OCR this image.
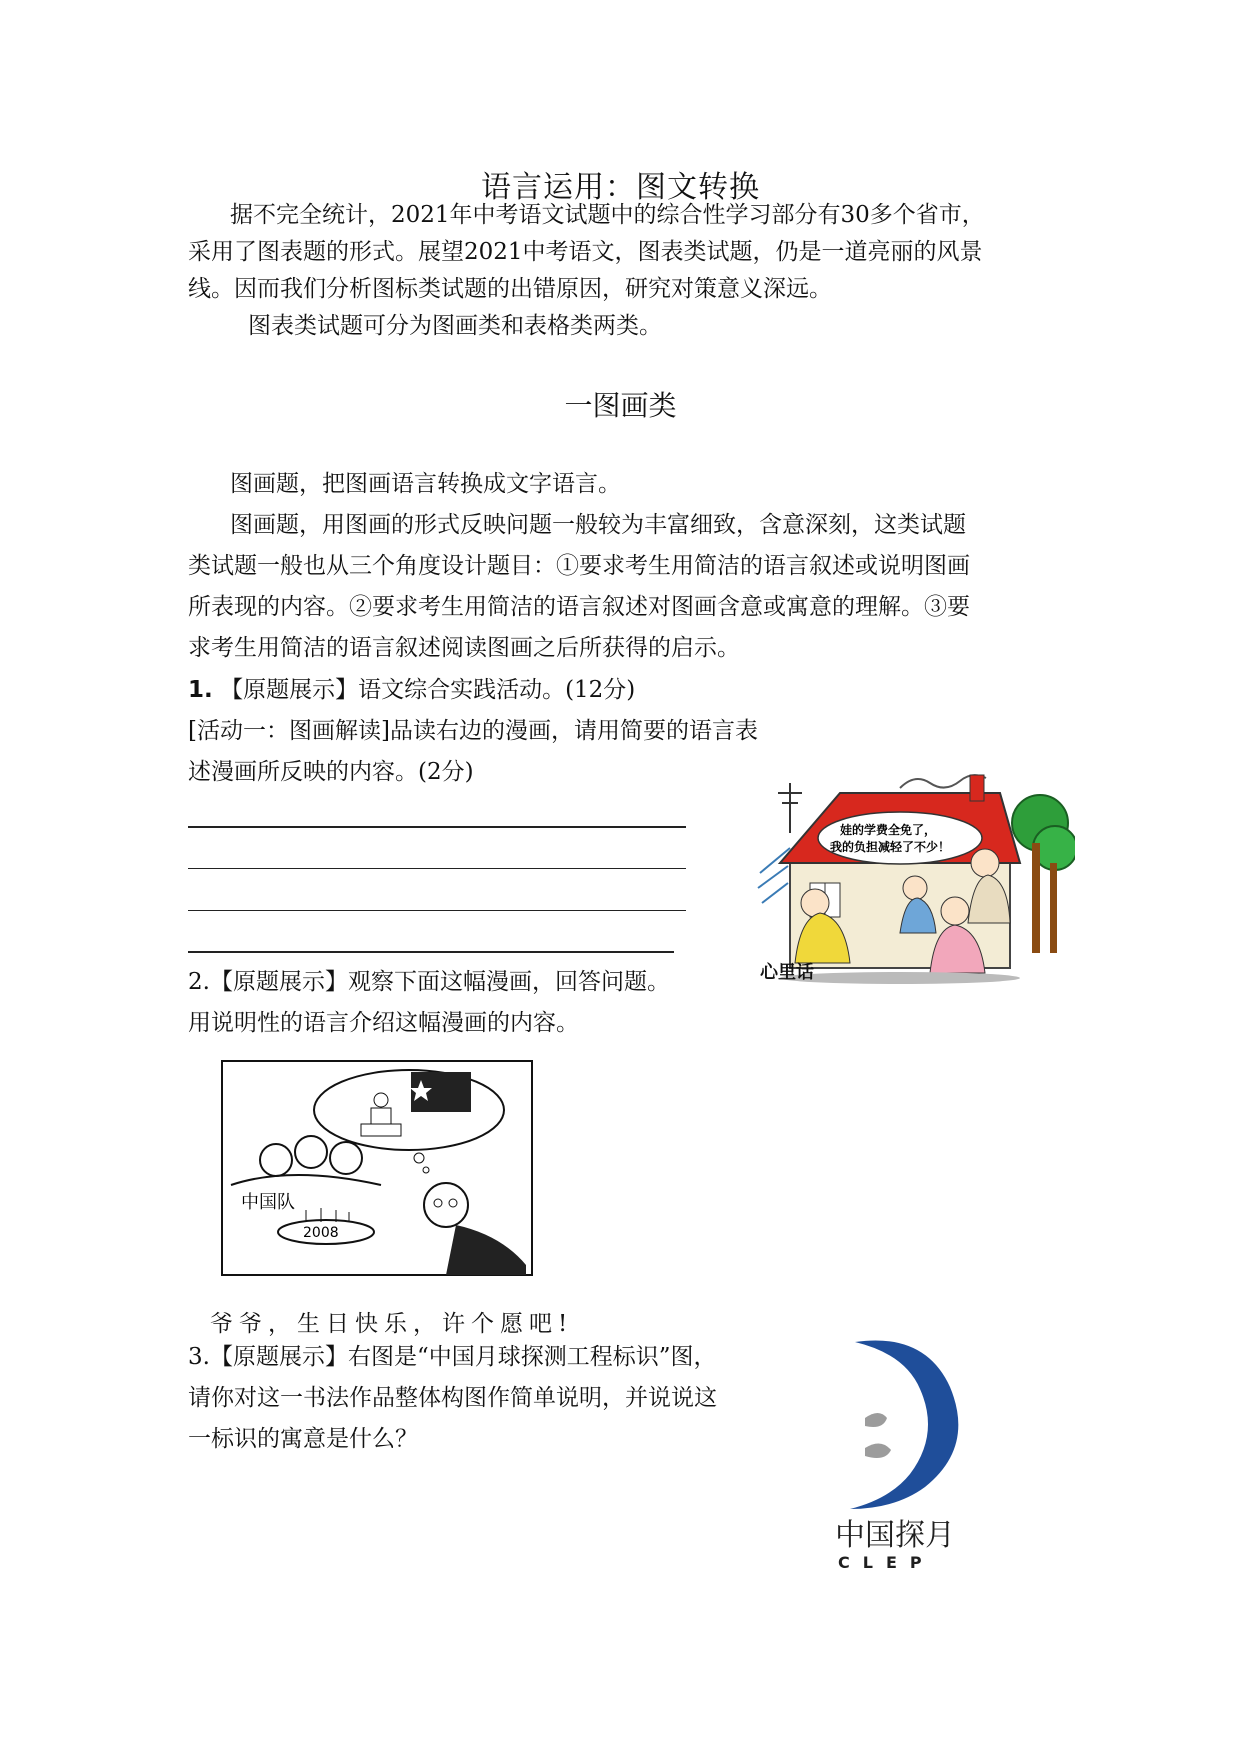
语言运用：图文转换
据不完全统计，2021年中考语文试题中的综合性学习部分有30多个省市，
采用了图表题的形式。展望2021中考语文，图表类试题，仍是一道亮丽的风景
线。因而我们分析图标类试题的出错原因，研究对策意义深远。
图表类试题可分为图画类和表格类两类。
一图画类
图画题，把图画语言转换成文字语言。
图画题，用图画的形式反映问题一般较为丰富细致，含意深刻，这类试题
类试题一般也从三个角度设计题目：①要求考生用简洁的语言叙述或说明图画
所表现的内容。②要求考生用简洁的语言叙述对图画含意或寓意的理解。③要
求考生用简洁的语言叙述阅读图画之后所获得的启示。
1. 【原题展示】语文综合实践活动。(12分)
[活动一：图画解读]品读右边的漫画，请用简要的语言表
述漫画所反映的内容。(2分)
娃的学费全免了，
我的负担减轻了不少！
心里话
2.【原题展示】观察下面这幅漫画，回答问题。
用说明性的语言介绍这幅漫画的内容。
中国队
2008
爷爷，生日快乐，许个愿吧!
3.【原题展示】右图是“中国月球探测工程标识”图，
请你对这一书法作品整体构图作简单说明，并说说这
一标识的寓意是什么？
中国探月
CLEP
